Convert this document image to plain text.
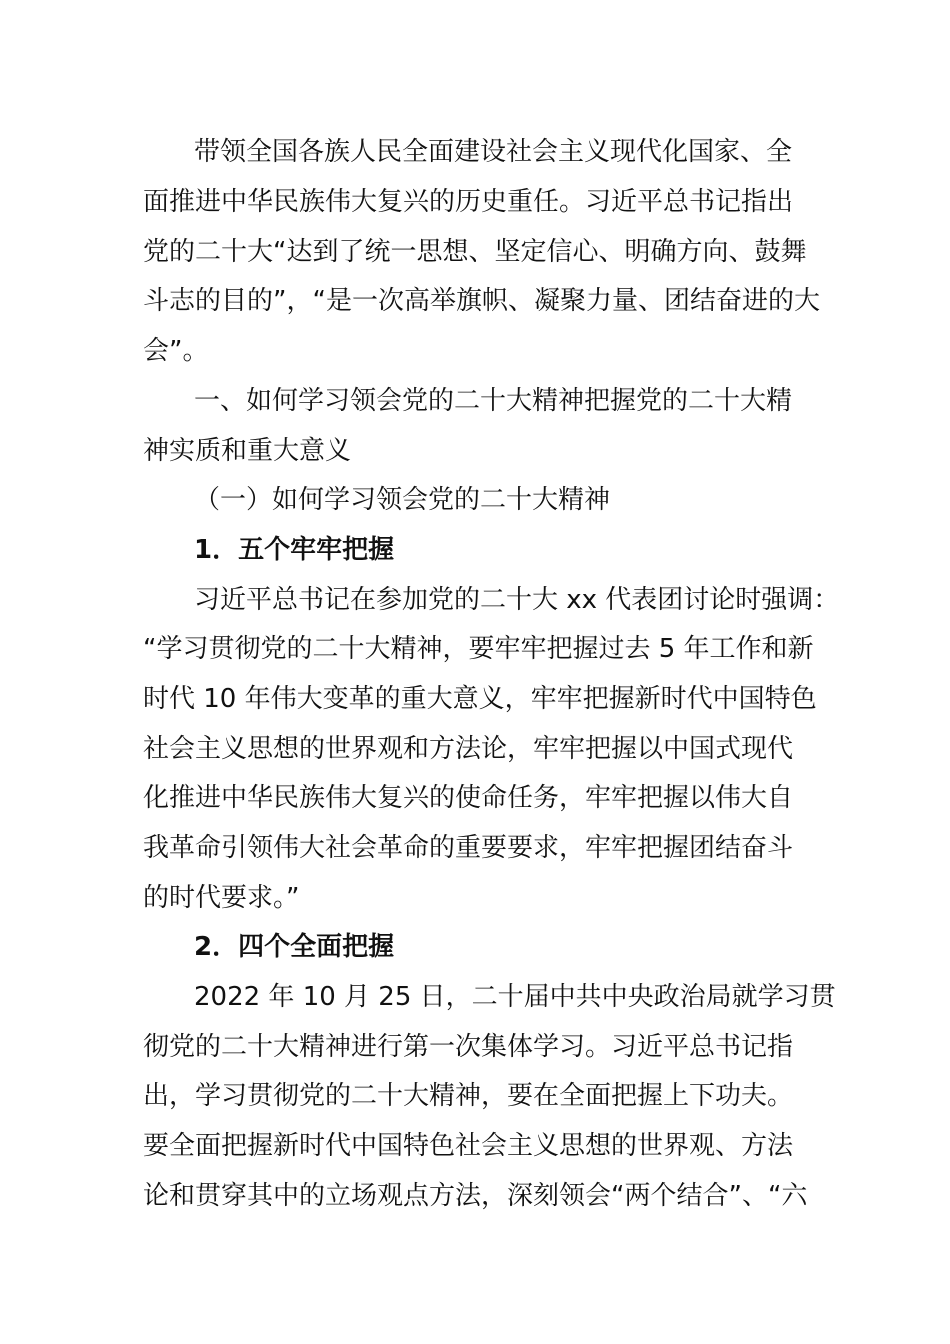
带领全国各族人民全面建设社会主义现代化国家、全
面推进中华民族伟大复兴的历史重任。习近平总书记指出
党的二十大“达到了统一思想、坚定信心、明确方向、鼓舞
斗志的目的”，“是一次高举旗帜、凝聚力量、团结奋进的大
会”。
一、如何学习领会党的二十大精神把握党的二十大精
神实质和重大意义
（一）如何学习领会党的二十大精神
1．五个牢牢把握
习近平总书记在参加党的二十大 xx 代表团讨论时强调：
“学习贯彻党的二十大精神，要牢牢把握过去 5 年工作和新
时代 10 年伟大变革的重大意义，牢牢把握新时代中国特色
社会主义思想的世界观和方法论，牢牢把握以中国式现代
化推进中华民族伟大复兴的使命任务，牢牢把握以伟大自
我革命引领伟大社会革命的重要要求，牢牢把握团结奋斗
的时代要求。”
2．四个全面把握
2022 年 10 月 25 日，二十届中共中央政治局就学习贯
彻党的二十大精神进行第一次集体学习。习近平总书记指
出，学习贯彻党的二十大精神，要在全面把握上下功夫。
要全面把握新时代中国特色社会主义思想的世界观、方法
论和贯穿其中的立场观点方法，深刻领会“两个结合”、“六
